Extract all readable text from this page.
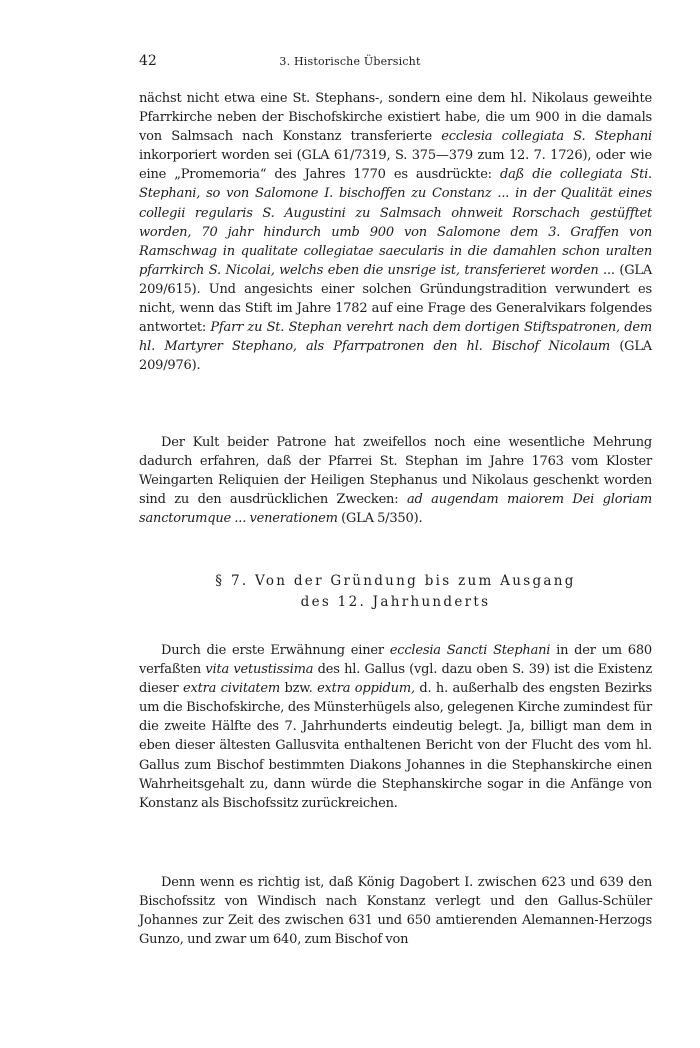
42	3. Historische Übersicht

nächst nicht etwa eine St. Stephans-, sondern eine dem hl. Nikolaus geweihte Pfarrkirche neben der Bischofskirche existiert habe, die um 900 in die damals von Salmsach nach Konstanz transferierte ecclesia collegiata S. Stephani inkorporiert worden sei (GLA 61/7319, S. 375—379 zum 12. 7. 1726), oder wie eine „Promemoria“ des Jahres 1770 es ausdrückte: daß die collegiata Sti. Stephani, so von Salomone I. bischoffen zu Constanz ... in der Qualität eines collegii regularis S. Augustini zu Salmsach ohnweit Rorschach gestüfftet worden, 70 jahr hindurch umb 900 von Salomone dem 3. Graffen von Ramschwag in qualitate collegiatae saecularis in die damahlen schon uralten pfarrkirch S. Nicolai, welchs eben die unsrige ist, transferieret worden ... (GLA 209/615). Und angesichts einer solchen Gründungstradition verwundert es nicht, wenn das Stift im Jahre 1782 auf eine Frage des Generalvikars folgendes antwortet: Pfarr zu St. Stephan verehrt nach dem dortigen Stiftspatronen, dem hl. Martyrer Stephano, als Pfarrpatronen den hl. Bischof Nicolaum (GLA 209/976).

Der Kult beider Patrone hat zweifellos noch eine wesentliche Mehrung dadurch erfahren, daß der Pfarrei St. Stephan im Jahre 1763 vom Kloster Weingarten Reliquien der Heiligen Stephanus und Nikolaus geschenkt worden sind zu den ausdrücklichen Zwecken: ad augendam maiorem Dei gloriam sanctorumque ... venerationem (GLA 5/350).

§ 7. Von der Gründung bis zum Ausgang
des 12. Jahrhunderts

Durch die erste Erwähnung einer ecclesia Sancti Stephani in der um 680 verfaßten vita vetustissima des hl. Gallus (vgl. dazu oben S. 39) ist die Existenz dieser extra civitatem bzw. extra oppidum, d. h. außerhalb des engsten Bezirks um die Bischofskirche, des Münsterhügels also, gelegenen Kirche zumindest für die zweite Hälfte des 7. Jahrhunderts eindeutig belegt. Ja, billigt man dem in eben dieser ältesten Gallusvita enthaltenen Bericht von der Flucht des vom hl. Gallus zum Bischof bestimmten Diakons Johannes in die Stephanskirche einen Wahrheitsgehalt zu, dann würde die Stephanskirche sogar in die Anfänge von Konstanz als Bischofssitz zurückreichen.

Denn wenn es richtig ist, daß König Dagobert I. zwischen 623 und 639 den Bischofssitz von Windisch nach Konstanz verlegt und den Gallus-Schüler Johannes zur Zeit des zwischen 631 und 650 amtierenden Alemannen-Herzogs Gunzo, und zwar um 640, zum Bischof von
